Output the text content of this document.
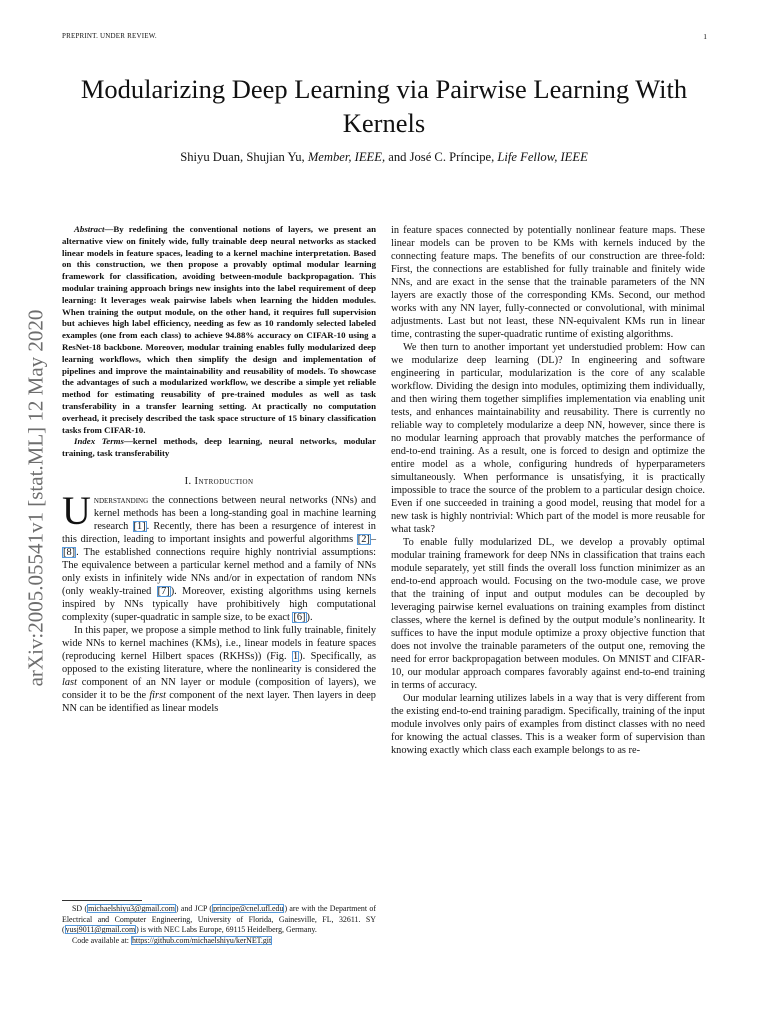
PREPRINT. UNDER REVIEW.	1
Modularizing Deep Learning via Pairwise Learning With Kernels
Shiyu Duan, Shujian Yu, Member, IEEE, and José C. Príncipe, Life Fellow, IEEE
arXiv:2005.05541v1 [stat.ML] 12 May 2020

Abstract—By redefining the conventional notions of layers, we present an alternative view on finitely wide, fully trainable deep neural networks as stacked linear models in feature spaces, leading to a kernel machine interpretation. Based on this construction, we then propose a provably optimal modular learning framework for classification, avoiding between-module backpropagation. This modular training approach brings new insights into the label requirement of deep learning: It leverages weak pairwise labels when learning the hidden modules. When training the output module, on the other hand, it requires full supervision but achieves high label efficiency, needing as few as 10 randomly selected labeled examples (one from each class) to achieve 94.88% accuracy on CIFAR-10 using a ResNet-18 backbone. Moreover, modular training enables fully modularized deep learning workflows, which then simplify the design and implementation of pipelines and improve the maintainability and reusability of models. To showcase the advantages of such a modularized workflow, we describe a simple yet reliable method for estimating reusability of pre-trained modules as well as task transferability in a transfer learning setting. At practically no computation overhead, it precisely described the task space structure of 15 binary classification tasks from CIFAR-10.

Index Terms—kernel methods, deep learning, neural networks, modular training, task transferability

I. Introduction

Understanding the connections between neural networks (NNs) and kernel methods has been a long-standing goal in machine learning research [1]. Recently, there has been a resurgence of interest in this direction, leading to important insights and powerful algorithms [2]–[8]. The established connections require highly nontrivial assumptions: The equivalence between a particular kernel method and a family of NNs only exists in infinitely wide NNs and/or in expectation of random NNs (only weakly-trained [7]). Moreover, existing algorithms using kernels inspired by NNs typically have prohibitively high computational complexity (super-quadratic in sample size, to be exact [6]).

In this paper, we propose a simple method to link fully trainable, finitely wide NNs to kernel machines (KMs), i.e., linear models in feature spaces (reproducing kernel Hilbert spaces (RKHSs)) (Fig. 1). Specifically, as opposed to the existing literature, where the nonlinearity is considered the last component of an NN layer or module (composition of layers), we consider it to be the first component of the next layer. Then layers in deep NN can be identified as linear models

SD (michaelshiyu3@gmail.com) and JCP (principe@cnel.ufl.edu) are with the Department of Electrical and Computer Engineering, University of Florida, Gainesville, FL, 32611. SY (yusj9011@gmail.com) is with NEC Labs Europe, 69115 Heidelberg, Germany.

Code available at: https://github.com/michaelshiyu/kerNET.git

in feature spaces connected by potentially nonlinear feature maps. These linear models can be proven to be KMs with kernels induced by the connecting feature maps. The benefits of our construction are three-fold: First, the connections are established for fully trainable and finitely wide NNs, and are exact in the sense that the trainable parameters of the NN layers are exactly those of the corresponding KMs. Second, our method works with any NN layer, fully-connected or convolutional, with minimal adjustments. Last but not least, these NN-equivalent KMs run in linear time, contrasting the super-quadratic runtime of existing algorithms.

We then turn to another important yet understudied problem: How can we modularize deep learning (DL)? In engineering and software engineering in particular, modularization is the core of any scalable workflow. Dividing the design into modules, optimizing them individually, and then wiring them together simplifies implementation via enabling unit tests, and enhances maintainability and reusability. There is currently no reliable way to completely modularize a deep NN, however, since there is no modular learning approach that provably matches the performance of end-to-end training. As a result, one is forced to design and optimize the entire model as a whole, configuring hundreds of hyperparameters simultaneously. When performance is unsatisfying, it is practically impossible to trace the source of the problem to a particular design choice. Even if one succeeded in training a good model, reusing that model for a new task is highly nontrivial: Which part of the model is more reusable for what task?

To enable fully modularized DL, we develop a provably optimal modular training framework for deep NNs in classification that trains each module separately, yet still finds the overall loss function minimizer as an end-to-end approach would. Focusing on the two-module case, we prove that the training of input and output modules can be decoupled by leveraging pairwise kernel evaluations on training examples from distinct classes, where the kernel is defined by the output module’s nonlinearity. It suffices to have the input module optimize a proxy objective function that does not involve the trainable parameters of the output one, removing the need for error backpropagation between modules. On MNIST and CIFAR-10, our modular approach compares favorably against end-to-end training in terms of accuracy.

Our modular learning utilizes labels in a way that is very different from the existing end-to-end training paradigm. Specifically, training of the input module involves only pairs of examples from distinct classes with no need for knowing the actual classes. This is a weaker form of supervision than knowing exactly which class each example belongs to as re-
